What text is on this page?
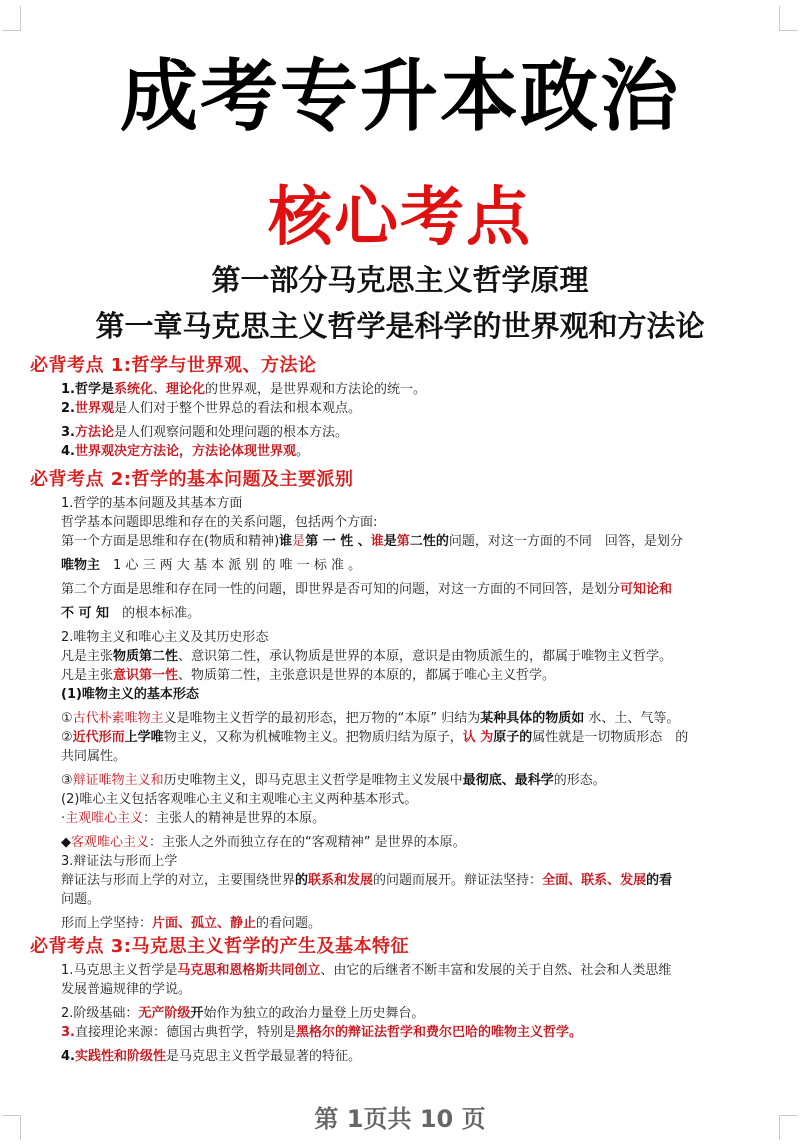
成考专升本政治
核心考点
第一部分马克思主义哲学原理
第一章马克思主义哲学是科学的世界观和方法论
必背考点 1:哲学与世界观、方法论
1.哲学是系统化、理论化的世界观，是世界观和方法论的统一。
2.世界观是人们对于整个世界总的看法和根本观点。
3.方法论是人们观察问题和处理问题的根本方法。
4.世界观决定方法论，方法论体现世界观。
必背考点 2:哲学的基本问题及主要派别
1.哲学的基本问题及其基本方面
哲学基本问题即思维和存在的关系问题，包括两个方面:
第一个方面是思维和存在(物质和精神)谁是第 一 性 、谁是第二性的问题，对这一方面的不同　回答，是划分
唯物主　1 心 三 两 大 基 本 派 别 的 唯 一 标 准 。
第二个方面是思维和存在同一性的问题，即世界是否可知的问题，对这一方面的不同回答，是划分可知论和
不 可 知　的根本标准。
2.唯物主义和唯心主义及其历史形态
凡是主张物质第二性、意识第二性，承认物质是世界的本原，意识是由物质派生的，都属于唯物主义哲学。
凡是主张意识第一性、物质第二性，主张意识是世界的本原的，都属于唯心主义哲学。
(1)唯物主义的基本形态
①古代朴素唯物主义是唯物主义哲学的最初形态，把万物的“本原” 归结为某种具体的物质如 水、土、气等。
②近代形而上学唯物主义，又称为机械唯物主义。把物质归结为原子，认 为原子的属性就是一切物质形态　的
共同属性。
③辩证唯物主义和历史唯物主义，即马克思主义哲学是唯物主义发展中最彻底、最科学的形态。
(2)唯心主义包括客观唯心主义和主观唯心主义两种基本形式。
·主观唯心主义：主张人的精神是世界的本原。
◆客观唯心主义：主张人之外而独立存在的“客观精神” 是世界的本原。
3.辩证法与形而上学
辩证法与形而上学的对立，主要围绕世界的联系和发展的问题而展开。辩证法坚持：全面、联系、发展的看
问题。
形而上学坚持：片面、孤立、静止的看问题。
必背考点 3:马克思主义哲学的产生及基本特征
1.马克思主义哲学是马克思和恩格斯共同创立、由它的后继者不断丰富和发展的关于自然、社会和人类思维
发展普遍规律的学说。
2.阶级基础：无产阶级开始作为独立的政治力量登上历史舞台。
3.直接理论来源：德国古典哲学，特别是黑格尔的辩证法哲学和费尔巴哈的唯物主义哲学。
4.实践性和阶级性是马克思主义哲学最显著的特征。
第 1页共 10 页
